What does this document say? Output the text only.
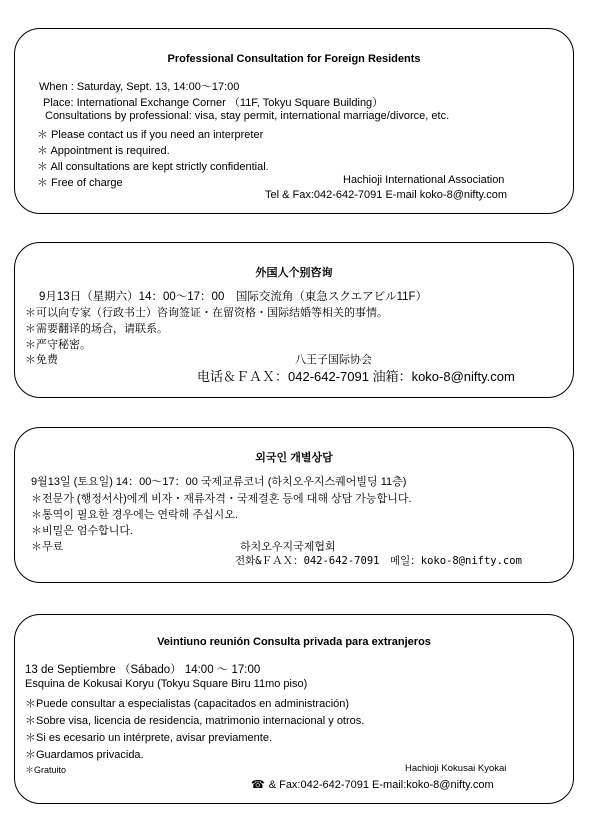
Professional Consultation for Foreign Residents
When : Saturday, Sept. 13, 14:00～17:00
Place: International Exchange Corner （11F, Tokyu Square Building）
Consultations by professional: visa, stay permit, international marriage/divorce, etc.
＊ Please contact us if you need an interpreter
＊ Appointment is required.
＊ All consultations are kept strictly confidential.
＊ Free of charge	Hachioji International Association
Tel & Fax:042-642-7091 E-mail koko-8@nifty.com
外国人个别咨询
9月13日（星期六）14：00～17：00　国际交流角（東急スクエアビル11F）
＊可以向专家（行政书士）咨询签证・在留资格・国际结婚等相关的事情。
＊需要翻译的场合，请联系。
＊严守秘密。
＊免费	八王子国际协会
电话＆ＦＡＸ：042-642-7091 油箱：koko-8@nifty.com
외국인 개별상담
9월13일 (토요일) 14：00～17：00 국제교류코너 (하치오우지스퀘어빌딩 11층)
＊전문가 (행정서사)에게 비자・재류자격・국제결혼 등에 대해 상담 가능합니다.
＊통역이 필요한 경우에는 연락해 주십시오.
＊비밀은 엄수합니다.
＊무료	하치오우지국제협회
전화&ＦＡＸ：042-642-7091　메일：koko-8@nifty.com
Veintiuno reunión Consulta privada para extranjeros
13 de Septiembre （Sábado） 14:00 ～ 17:00
Esquina de Kokusai Koryu (Tokyu Square Biru 11mo piso)
＊Puede consultar a especialistas (capacitados en administración)
＊Sobre visa, licencia de residencia, matrimonio internacional y otros.
＊Si es ecesario un intérprete, avisar previamente.
＊Guardamos privacida.
＊Gratuito	Hachioji Kokusai Kyokai
☎ & Fax:042-642-7091 E-mail:koko-8@nifty.com
